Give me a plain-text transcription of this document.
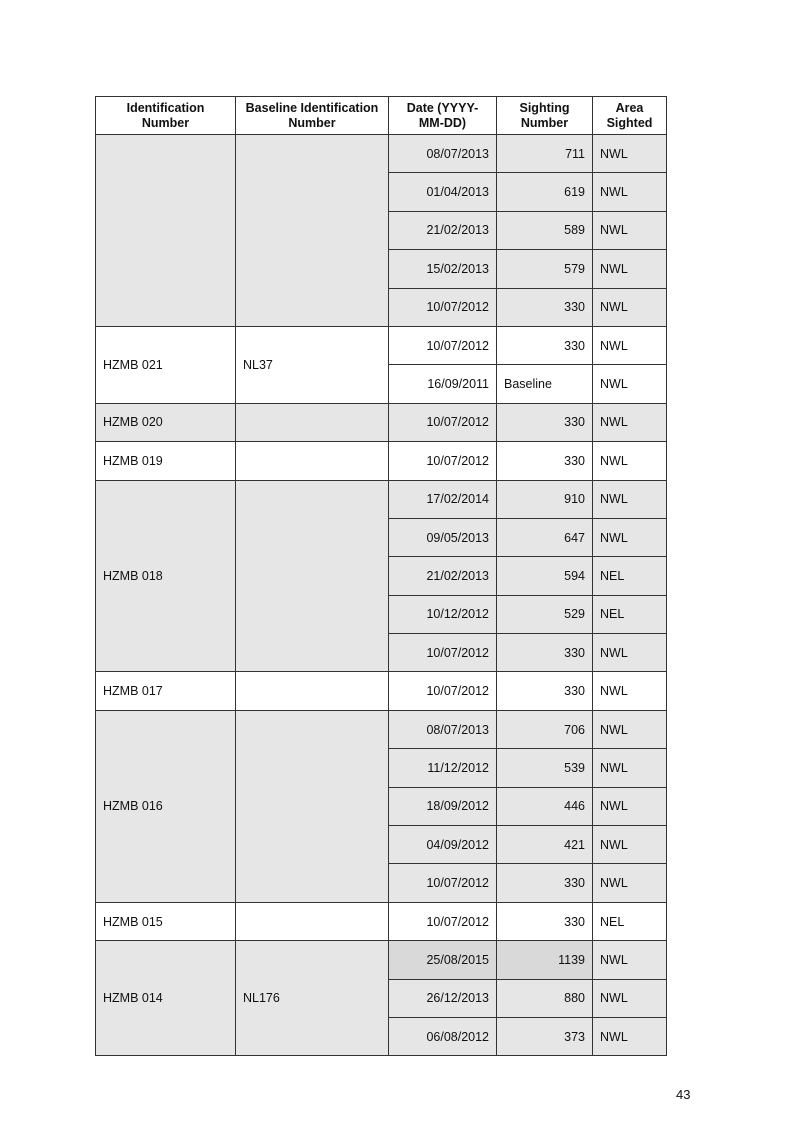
Identification Number	Baseline Identification Number	Date (YYYY-MM-DD)	Sighting Number	Area Sighted
		08/07/2013	711	NWL
		01/04/2013	619	NWL
		21/02/2013	589	NWL
		15/02/2013	579	NWL
		10/07/2012	330	NWL
HZMB 021	NL37	10/07/2012	330	NWL
		16/09/2011	Baseline	NWL
HZMB 020		10/07/2012	330	NWL
HZMB 019		10/07/2012	330	NWL
HZMB 018		17/02/2014	910	NWL
		09/05/2013	647	NWL
		21/02/2013	594	NEL
		10/12/2012	529	NEL
		10/07/2012	330	NWL
HZMB 017		10/07/2012	330	NWL
HZMB 016		08/07/2013	706	NWL
		11/12/2012	539	NWL
		18/09/2012	446	NWL
		04/09/2012	421	NWL
		10/07/2012	330	NWL
HZMB 015		10/07/2012	330	NEL
HZMB 014	NL176	25/08/2015	1139	NWL
		26/12/2013	880	NWL
		06/08/2012	373	NWL
43
